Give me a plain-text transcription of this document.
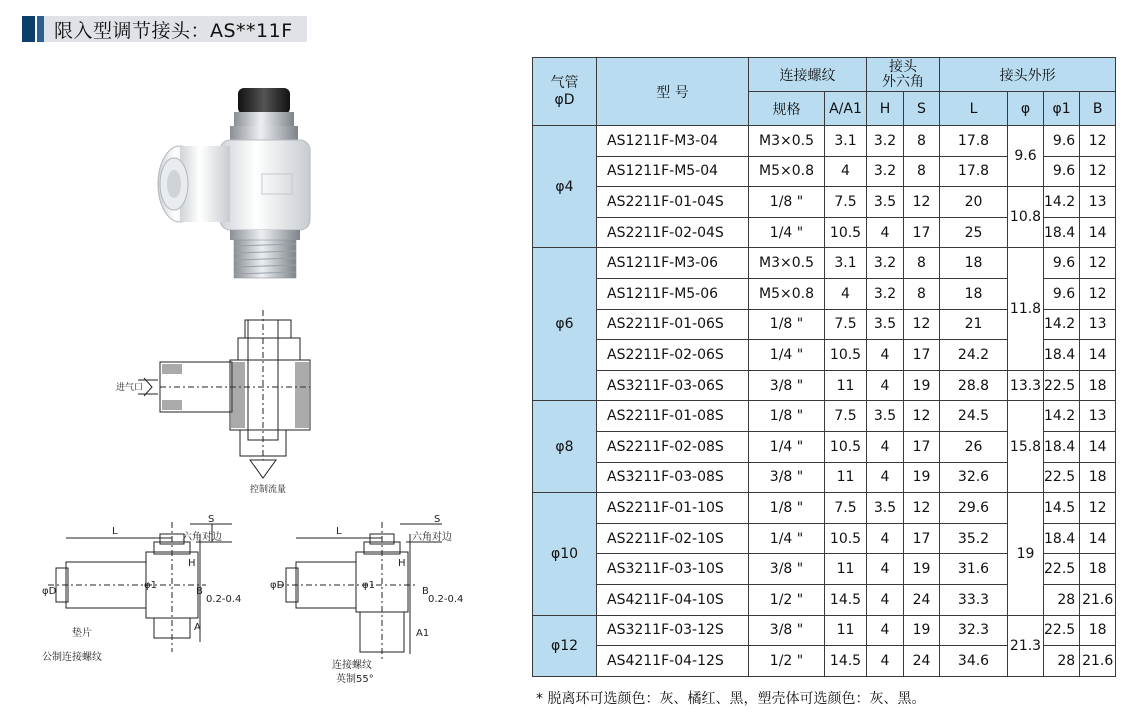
限入型调节接头：AS**11F
进气口
控制流量
L
S
六角对边
H
B
φ1
φD
A
0.2-0.4
垫片
公制连接螺纹
L
S
六角对边
H
B
φ1
φD
A1
0.2-0.4
连接螺纹
英制55°
气管
φD	型 号	连接螺纹		接头
外六角		接头外形			
		规格	A/A1	H	S	L	φ	φ1	B
φ4	AS1211F-M3-04	M3×0.5	3.1	3.2	8	17.8	9.6	9.6	12
	AS1211F-M5-04	M5×0.8	4	3.2	8	17.8		9.6	12
	AS2211F-01-04S	1/8 "	7.5	3.5	12	20	10.8	14.2	13
	AS2211F-02-04S	1/4 "	10.5	4	17	25		18.4	14
φ6	AS1211F-M3-06	M3×0.5	3.1	3.2	8	18	11.8	9.6	12
	AS1211F-M5-06	M5×0.8	4	3.2	8	18		9.6	12
	AS2211F-01-06S	1/8 "	7.5	3.5	12	21		14.2	13
	AS2211F-02-06S	1/4 "	10.5	4	17	24.2		18.4	14
	AS3211F-03-06S	3/8 "	11	4	19	28.8	13.3	22.5	18
φ8	AS2211F-01-08S	1/8 "	7.5	3.5	12	24.5	15.8	14.2	13
	AS2211F-02-08S	1/4 "	10.5	4	17	26		18.4	14
	AS3211F-03-08S	3/8 "	11	4	19	32.6		22.5	18
φ10	AS2211F-01-10S	1/8 "	7.5	3.5	12	29.6	19	14.5	12
	AS2211F-02-10S	1/4 "	10.5	4	17	35.2		18.4	14
	AS3211F-03-10S	3/8 "	11	4	19	31.6		22.5	18
	AS4211F-04-10S	1/2 "	14.5	4	24	33.3		28	21.6
φ12	AS3211F-03-12S	3/8 "	11	4	19	32.3	21.3	22.5	18
	AS4211F-04-12S	1/2 "	14.5	4	24	34.6		28	21.6
* 脱离环可选颜色：灰、橘红、黑，塑壳体可选颜色：灰、黑。
